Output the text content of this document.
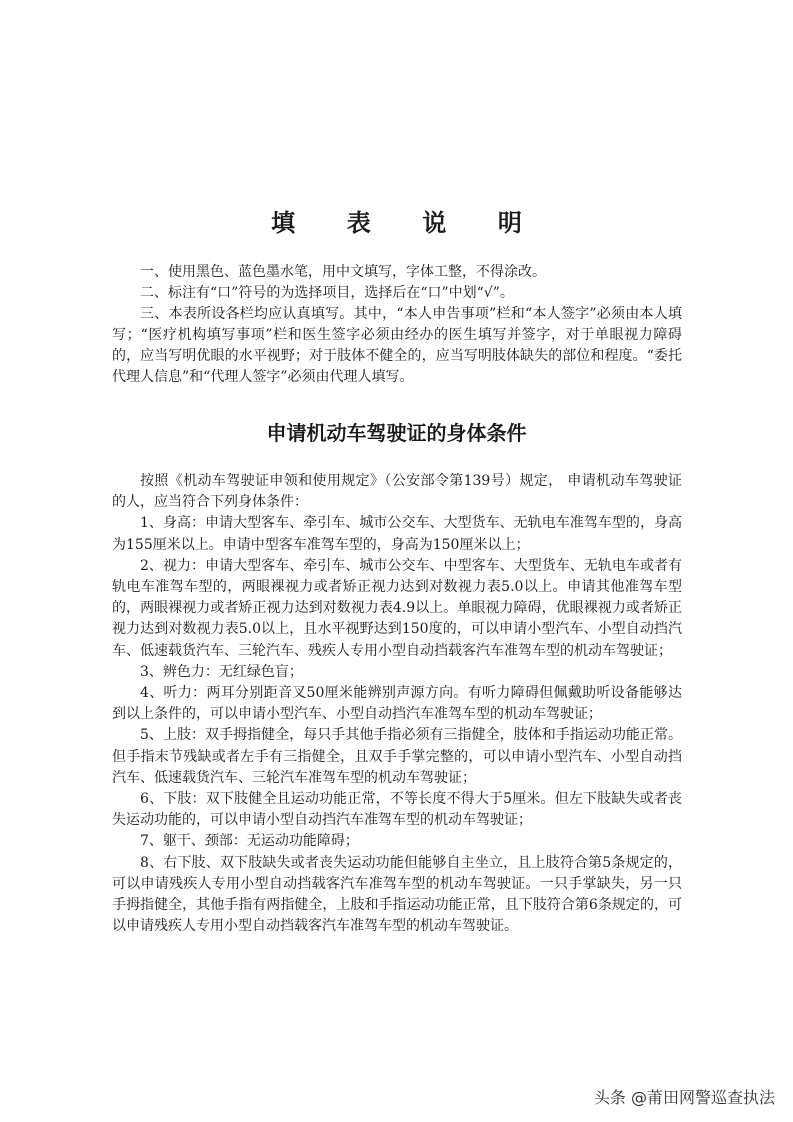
填 表 说 明

一、使用黑色、蓝色墨水笔，用中文填写，字体工整，不得涂改。

二、标注有“口”符号的为选择项目，选择后在“口”中划“√”。

三、本表所设各栏均应认真填写。其中，“本人申告事项”栏和“本人签字”必须由本人填写；“医疗机构填写事项”栏和医生签字必须由经办的医生填写并签字，对于单眼视力障碍的，应当写明优眼的水平视野；对于肢体不健全的，应当写明肢体缺失的部位和程度。“委托代理人信息”和“代理人签字”必须由代理人填写。

申请机动车驾驶证的身体条件

按照《机动车驾驶证申领和使用规定》（公安部令第139号）规定， 申请机动车驾驶证的人，应当符合下列身体条件：

1、身高：申请大型客车、牵引车、城市公交车、大型货车、无轨电车准驾车型的，身高为155厘米以上。申请中型客车准驾车型的，身高为150厘米以上；

2、视力：申请大型客车、牵引车、城市公交车、中型客车、大型货车、无轨电车或者有轨电车准驾车型的，两眼裸视力或者矫正视力达到对数视力表5.0以上。申请其他准驾车型的，两眼裸视力或者矫正视力达到对数视力表4.9以上。单眼视力障碍，优眼裸视力或者矫正视力达到对数视力表5.0以上，且水平视野达到150度的，可以申请小型汽车、小型自动挡汽车、低速载货汽车、三轮汽车、残疾人专用小型自动挡载客汽车准驾车型的机动车驾驶证；

3、辨色力：无红绿色盲；

4、听力：两耳分别距音叉50厘米能辨别声源方向。有听力障碍但佩戴助听设备能够达到以上条件的，可以申请小型汽车、小型自动挡汽车准驾车型的机动车驾驶证；

5、上肢：双手拇指健全，每只手其他手指必须有三指健全，肢体和手指运动功能正常。但手指末节残缺或者左手有三指健全，且双手手掌完整的，可以申请小型汽车、小型自动挡汽车、低速载货汽车、三轮汽车准驾车型的机动车驾驶证；

6、下肢：双下肢健全且运动功能正常，不等长度不得大于5厘米。但左下肢缺失或者丧失运动功能的，可以申请小型自动挡汽车准驾车型的机动车驾驶证；

7、躯干、颈部：无运动功能障碍；

8、右下肢、双下肢缺失或者丧失运动功能但能够自主坐立，且上肢符合第5条规定的，可以申请残疾人专用小型自动挡载客汽车准驾车型的机动车驾驶证。一只手掌缺失，另一只手拇指健全，其他手指有两指健全，上肢和手指运动功能正常，且下肢符合第6条规定的，可以申请残疾人专用小型自动挡载客汽车准驾车型的机动车驾驶证。

头条 @莆田网警巡查执法
